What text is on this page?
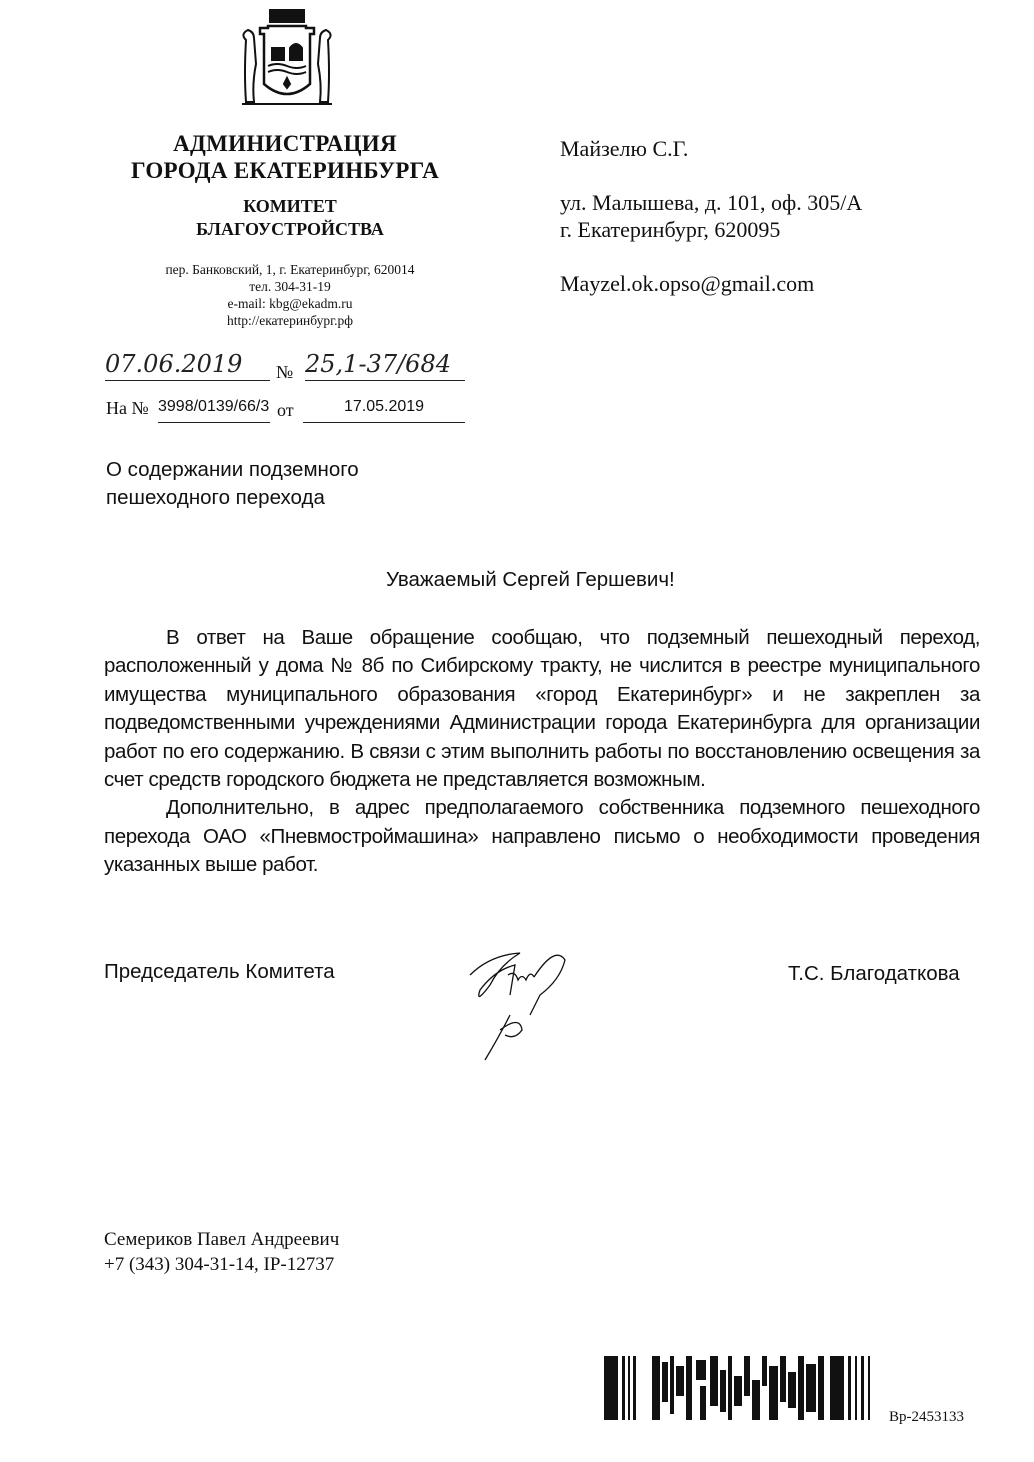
АДМИНИСТРАЦИЯ
ГОРОДА ЕКАТЕРИНБУРГА
КОМИТЕТ
БЛАГОУСТРОЙСТВА
пер. Банковский, 1, г. Екатеринбург, 620014
тел. 304-31-19
e-mail: kbg@ekadm.ru
http://екатеринбург.рф
07.06.2019	№ 25,1-37/684
На № 3998/0139/66/3 от	17.05.2019
Майзелю С.Г.
ул. Малышева, д. 101, оф. 305/А
г. Екатеринбург, 620095
Mayzel.ok.opso@gmail.com
О содержании подземного
пешеходного перехода
Уважаемый Сергей Гершевич!

В ответ на Ваше обращение сообщаю, что подземный пешеходный переход, расположенный у дома № 8б по Сибирскому тракту, не числится в реестре муниципального имущества муниципального образования «город Екатеринбург» и не закреплен за подведомственными учреждениями Администрации города Екатеринбурга для организации работ по его содержанию. В связи с этим выполнить работы по восстановлению освещения за счет средств городского бюджета не представляется возможным.

Дополнительно, в адрес предполагаемого собственника подземного пешеходного перехода ОАО «Пневмостроймашина» направлено письмо о необходимости проведения указанных выше работ.

Председатель Комитета	Т.С. Благодаткова
Семериков Павел Андреевич
+7 (343) 304-31-14, IP-12737
Вр-2453133
